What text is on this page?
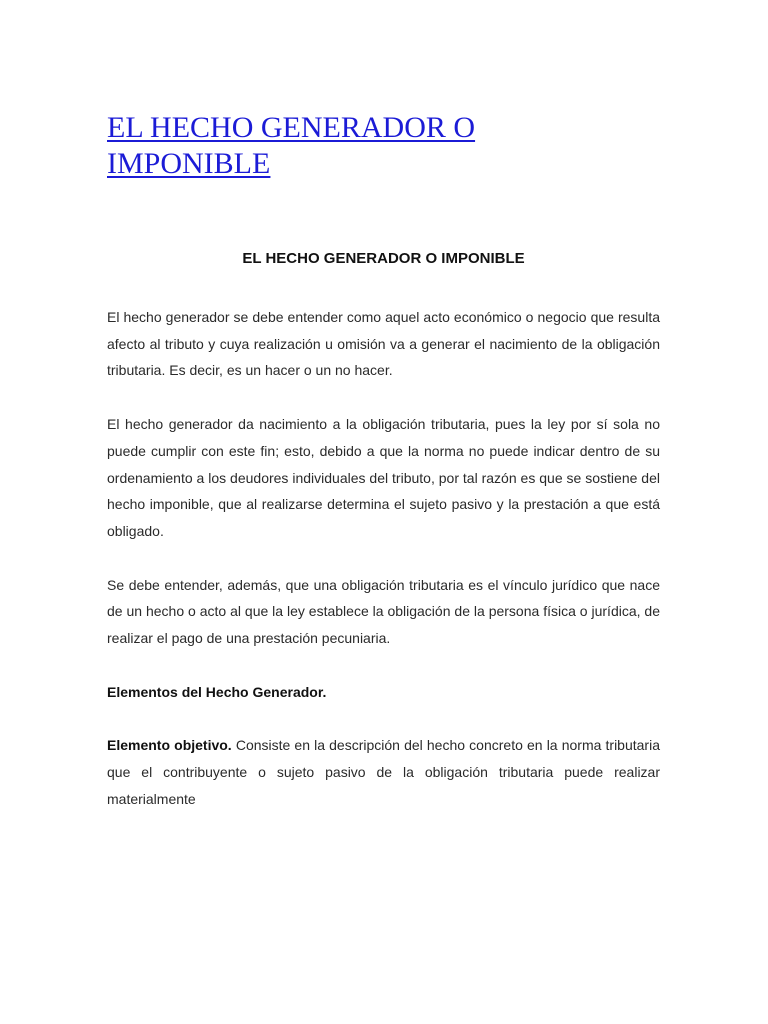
EL HECHO GENERADOR O IMPONIBLE
EL HECHO GENERADOR O IMPONIBLE

El hecho generador se debe entender como aquel acto económico o negocio que resulta afecto al tributo y cuya realización u omisión va a generar el nacimiento de la obligación tributaria. Es decir, es un hacer o un no hacer.

El hecho generador da nacimiento a la obligación tributaria, pues la ley por sí sola no puede cumplir con este fin; esto, debido a que la norma no puede indicar dentro de su ordenamiento a los deudores individuales del tributo, por tal razón es que se sostiene del hecho imponible, que al realizarse determina el sujeto pasivo y la prestación a que está obligado.

Se debe entender, además, que una obligación tributaria es el vínculo jurídico que nace de un hecho o acto al que la ley establece la obligación de la persona física o jurídica, de realizar el pago de una prestación pecuniaria.

Elementos del Hecho Generador.

Elemento objetivo. Consiste en la descripción del hecho concreto en la norma tributaria que el contribuyente o sujeto pasivo de la obligación tributaria puede realizar materialmente
